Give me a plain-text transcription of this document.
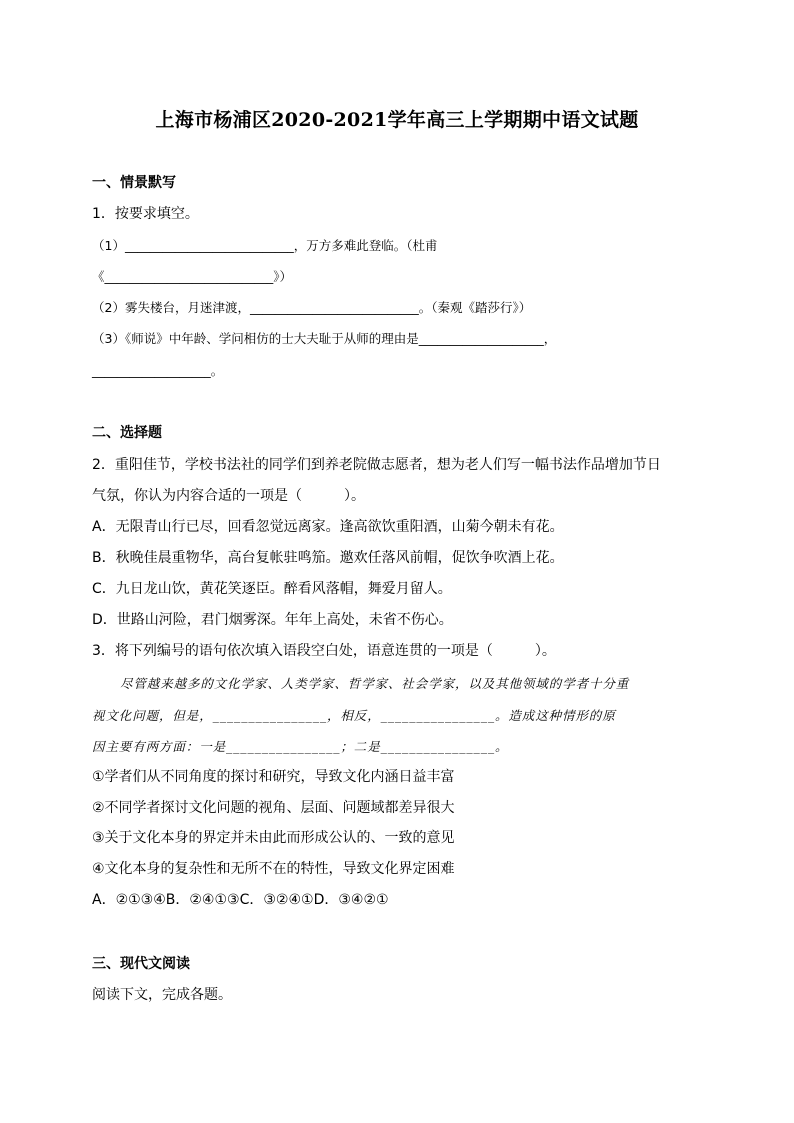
上海市杨浦区2020-2021学年高三上学期期中语文试题
一、情景默写
1．按要求填空。
（1）___________________________，万方多难此登临。（杜甫
《___________________________》）
（2）雾失楼台，月迷津渡，___________________________。（秦观《踏莎行》）
（3）《师说》中年龄、学问相仿的士大夫耻于从师的理由是____________________，
___________________。
二、选择题
2．重阳佳节，学校书法社的同学们到养老院做志愿者，想为老人们写一幅书法作品增加节日
气氛，你认为内容合适的一项是（　　　）。
A．无限青山行已尽，回看忽觉远离家。逢高欲饮重阳酒，山菊今朝未有花。
B．秋晚佳晨重物华，高台复帐驻鸣笳。邀欢任落风前帽，促饮争吹酒上花。
C．九日龙山饮，黄花笑逐臣。醉看风落帽，舞爱月留人。
D．世路山河险，君门烟雾深。年年上高处，未省不伤心。
3．将下列编号的语句依次填入语段空白处，语意连贯的一项是（　　　）。
尽管越来越多的文化学家、人类学家、哲学家、社会学家，以及其他领域的学者十分重
视文化问题，但是，________________，相反，________________。造成这种情形的原
因主要有两方面：一是________________；二是________________。
①学者们从不同角度的探讨和研究，导致文化内涵日益丰富
②不同学者探讨文化问题的视角、层面、问题域都差异很大
③关于文化本身的界定并未由此而形成公认的、一致的意见
④文化本身的复杂性和无所不在的特性，导致文化界定困难
A．②①③④B．②④①③C．③②④①D．③④②①
三、现代文阅读
阅读下文，完成各题。
